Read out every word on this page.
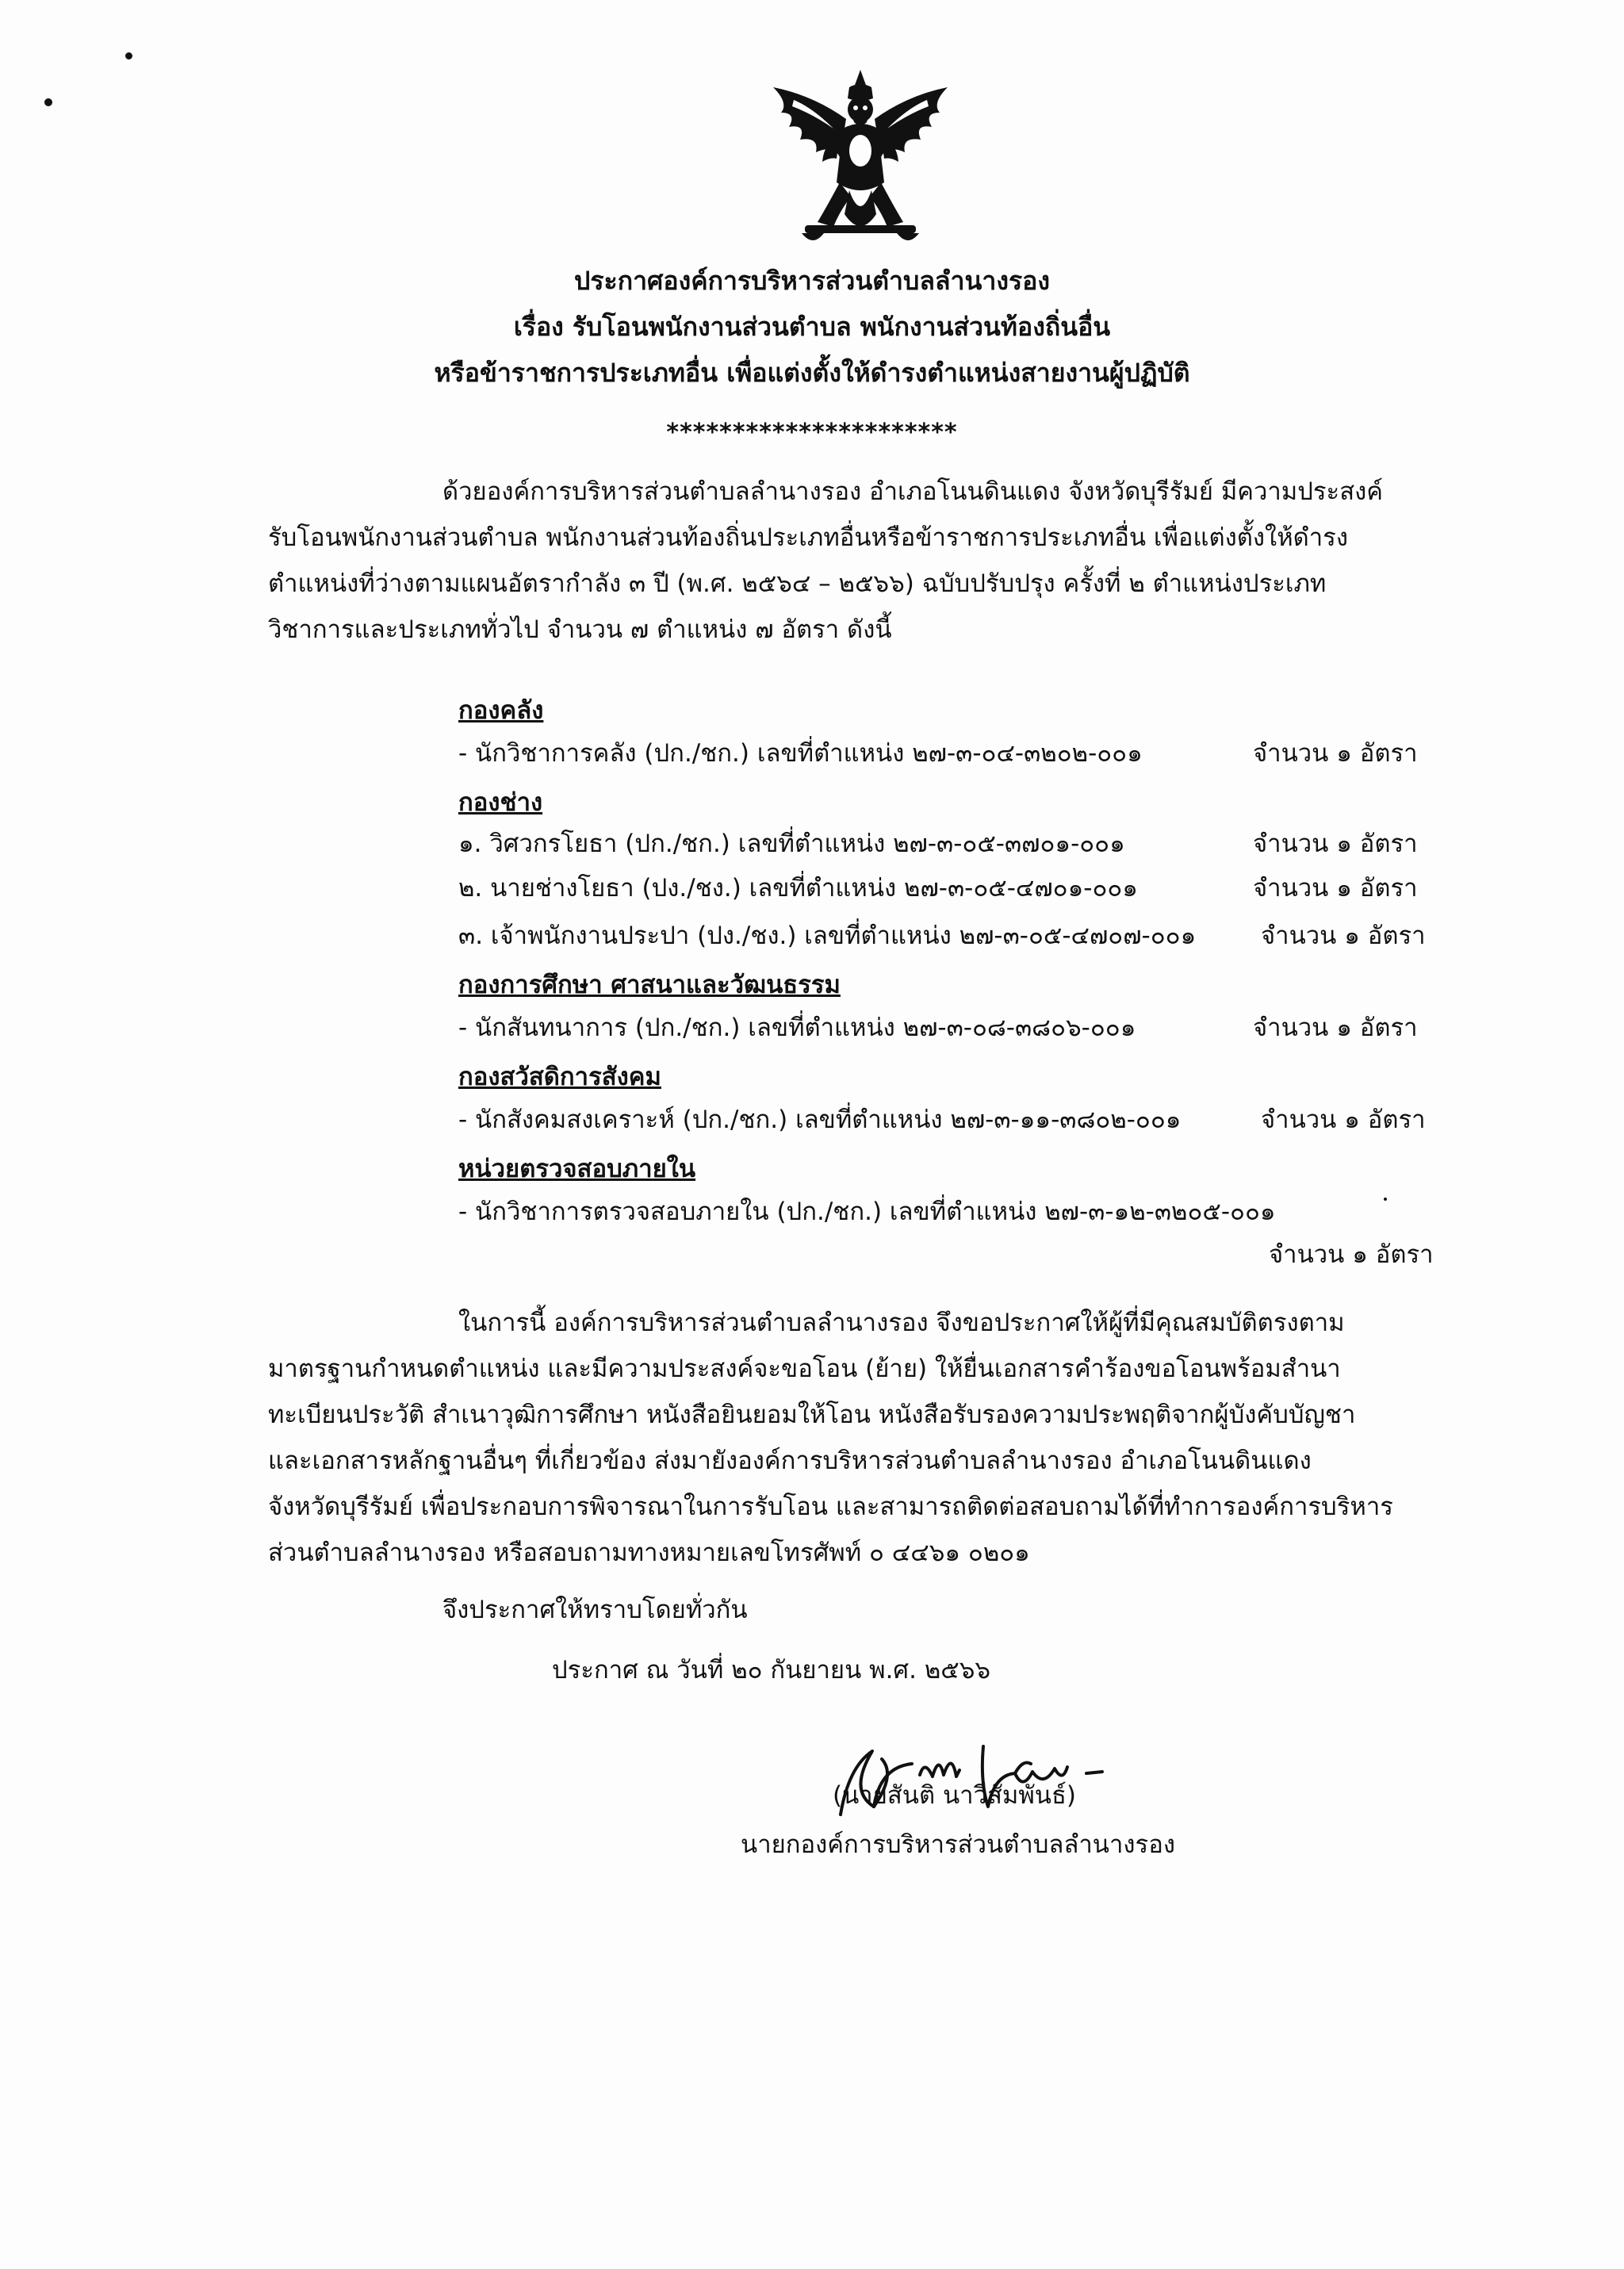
ประกาศองค์การบริหารส่วนตำบลลำนางรอง
เรื่อง รับโอนพนักงานส่วนตำบล พนักงานส่วนท้องถิ่นอื่น
หรือข้าราชการประเภทอื่น เพื่อแต่งตั้งให้ดำรงตำแหน่งสายงานผู้ปฏิบัติ
**********************
ด้วยองค์การบริหารส่วนตำบลลำนางรอง อำเภอโนนดินแดง จังหวัดบุรีรัมย์ มีความประสงค์
รับโอนพนักงานส่วนตำบล พนักงานส่วนท้องถิ่นประเภทอื่นหรือข้าราชการประเภทอื่น เพื่อแต่งตั้งให้ดำรง
ตำแหน่งที่ว่างตามแผนอัตรากำลัง ๓ ปี (พ.ศ. ๒๕๖๔ – ๒๕๖๖) ฉบับปรับปรุง ครั้งที่ ๒ ตำแหน่งประเภท
วิชาการและประเภททั่วไป จำนวน ๗ ตำแหน่ง ๗ อัตรา ดังนี้
กองคลัง
- นักวิชาการคลัง (ปก./ชก.) เลขที่ตำแหน่ง ๒๗-๓-๐๔-๓๒๐๒-๐๐๑	จำนวน ๑ อัตรา
กองช่าง
๑. วิศวกรโยธา (ปก./ชก.) เลขที่ตำแหน่ง ๒๗-๓-๐๕-๓๗๐๑-๐๐๑	จำนวน ๑ อัตรา
๒. นายช่างโยธา (ปง./ชง.) เลขที่ตำแหน่ง ๒๗-๓-๐๕-๔๗๐๑-๐๐๑	จำนวน ๑ อัตรา
๓. เจ้าพนักงานประปา (ปง./ชง.) เลขที่ตำแหน่ง ๒๗-๓-๐๕-๔๗๐๗-๐๐๑	จำนวน ๑ อัตรา
กองการศึกษา ศาสนาและวัฒนธรรม
- นักสันทนาการ (ปก./ชก.) เลขที่ตำแหน่ง ๒๗-๓-๐๘-๓๘๐๖-๐๐๑	จำนวน ๑ อัตรา
กองสวัสดิการสังคม
- นักสังคมสงเคราะห์ (ปก./ชก.) เลขที่ตำแหน่ง ๒๗-๓-๑๑-๓๘๐๒-๐๐๑	จำนวน ๑ อัตรา
หน่วยตรวจสอบภายใน
- นักวิชาการตรวจสอบภายใน (ปก./ชก.) เลขที่ตำแหน่ง ๒๗-๓-๑๒-๓๒๐๕-๐๐๑
จำนวน ๑ อัตรา
ในการนี้ องค์การบริหารส่วนตำบลลำนางรอง จึงขอประกาศให้ผู้ที่มีคุณสมบัติตรงตาม
มาตรฐานกำหนดตำแหน่ง และมีความประสงค์จะขอโอน (ย้าย) ให้ยื่นเอกสารคำร้องขอโอนพร้อมสำนา
ทะเบียนประวัติ สำเนาวุฒิการศึกษา หนังสือยินยอมให้โอน หนังสือรับรองความประพฤติจากผู้บังคับบัญชา
และเอกสารหลักฐานอื่นๆ ที่เกี่ยวข้อง ส่งมายังองค์การบริหารส่วนตำบลลำนางรอง อำเภอโนนดินแดง
จังหวัดบุรีรัมย์ เพื่อประกอบการพิจารณาในการรับโอน และสามารถติดต่อสอบถามได้ที่ทำการองค์การบริหาร
ส่วนตำบลลำนางรอง หรือสอบถามทางหมายเลขโทรศัพท์ ๐ ๔๔๖๑ ๐๒๐๑
จึงประกาศให้ทราบโดยทั่วกัน
ประกาศ ณ วันที่ ๒๐ กันยายน พ.ศ. ๒๕๖๖
(นายสันติ นาวีสัมพันธ์)
นายกองค์การบริหารส่วนตำบลลำนางรอง
